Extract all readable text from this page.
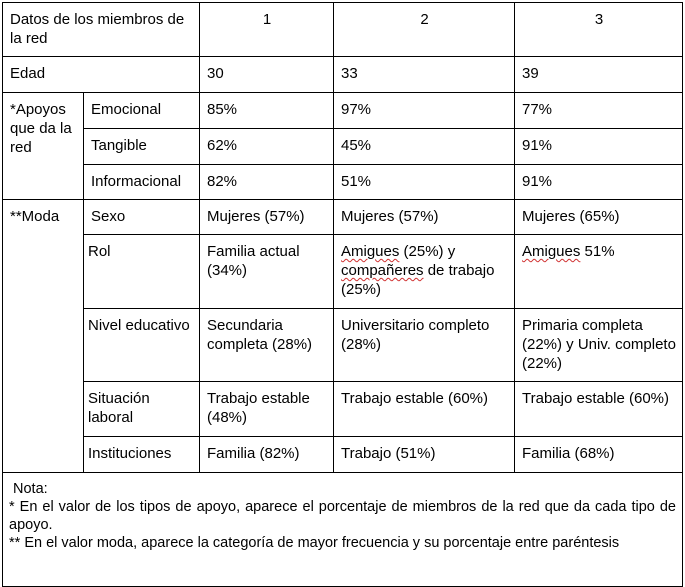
Datos de los miembros de la red		1	2	3
Edad		30	33	39
*Apoyos que da la red	Emocional	85%	97%	77%
	Tangible	62%	45%	91%
	Informacional	82%	51%	91%
**Moda	Sexo	Mujeres (57%)	Mujeres (57%)	Mujeres (65%)
	Rol	Familia actual (34%)	Amigues (25%) y compañeres de trabajo (25%)	Amigues 51%
	Nivel educativo	Secundaria completa (28%)	Universitario completo (28%)	Primaria completa (22%) y Univ. completo (22%)
	Situación laboral	Trabajo estable (48%)	Trabajo estable (60%)	Trabajo estable (60%)
	Instituciones	Familia (82%)	Trabajo (51%)	Familia (68%)

Nota:
* En el valor de los tipos de apoyo, aparece el porcentaje de miembros de la red que da cada tipo de apoyo.
** En el valor moda, aparece la categoría de mayor frecuencia y su porcentaje entre paréntesis				
